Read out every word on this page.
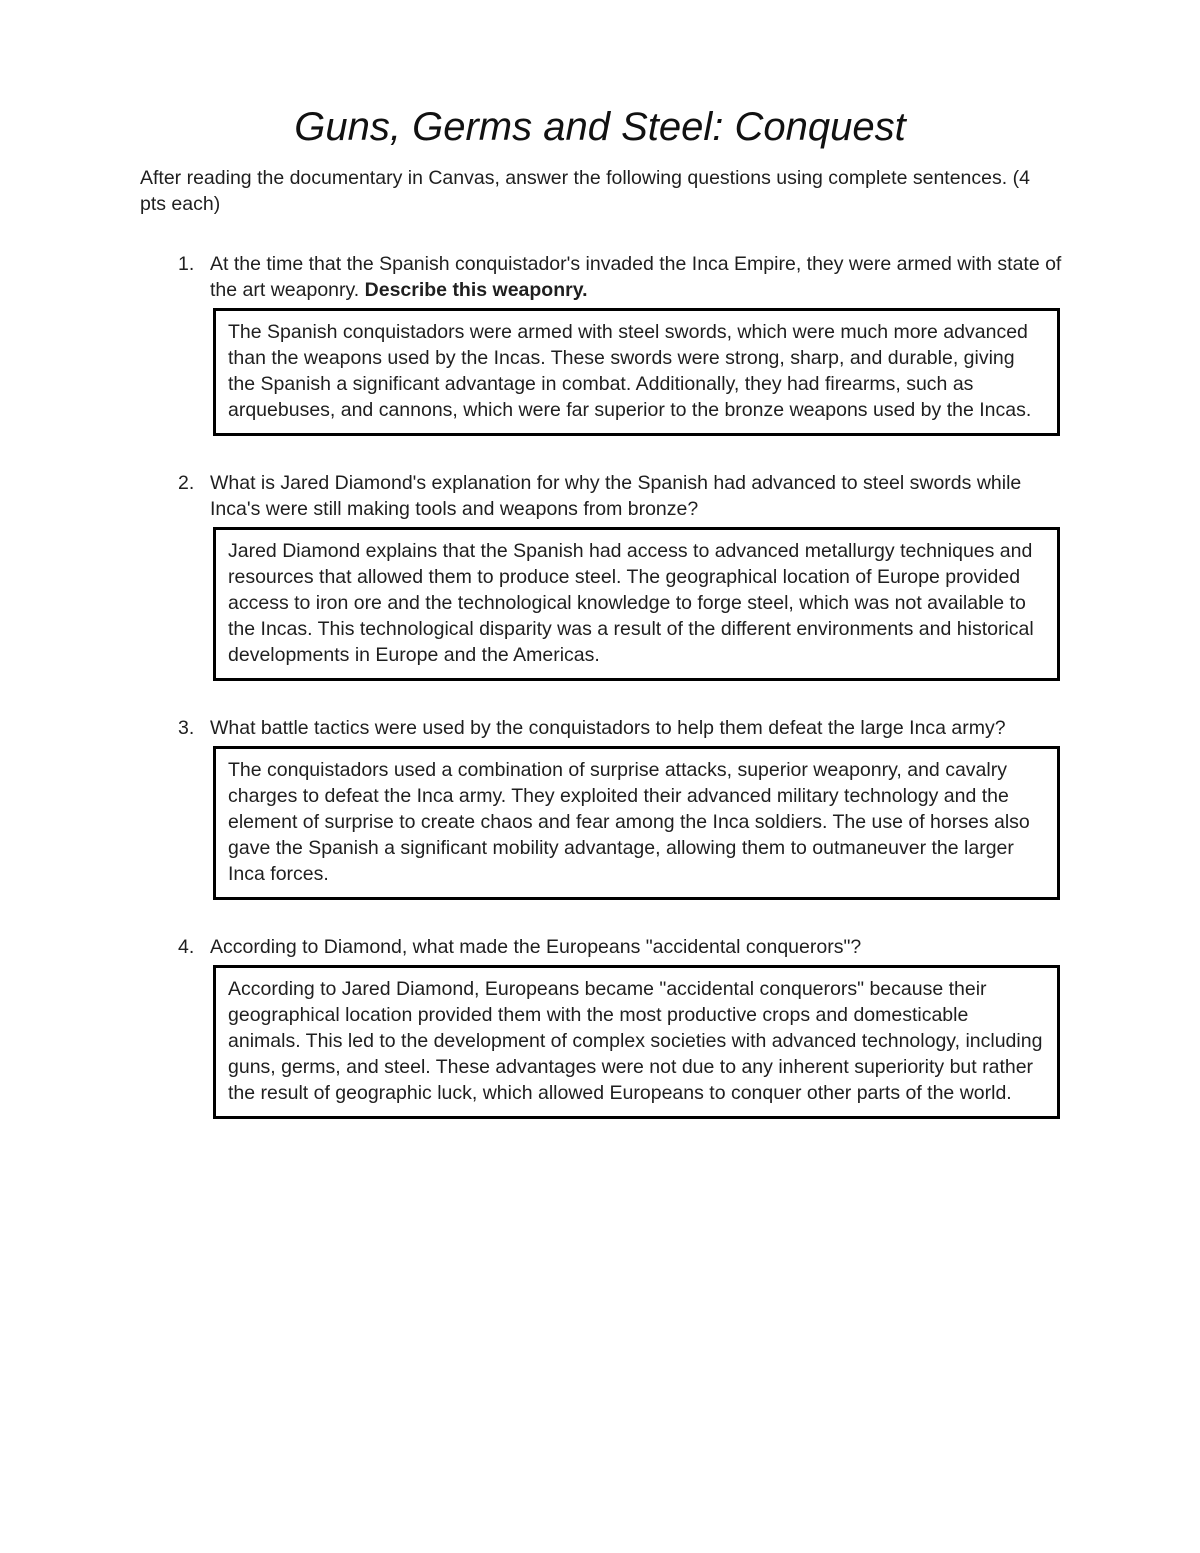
Guns, Germs and Steel: Conquest

After reading the documentary in Canvas, answer the following questions using complete sentences. (4 pts each)

1. At the time that the Spanish conquistador's invaded the Inca Empire, they were armed with state of the art weaponry. Describe this weaponry.
The Spanish conquistadors were armed with steel swords, which were much more advanced than the weapons used by the Incas. These swords were strong, sharp, and durable, giving the Spanish a significant advantage in combat. Additionally, they had firearms, such as arquebuses, and cannons, which were far superior to the bronze weapons used by the Incas.
2. What is Jared Diamond's explanation for why the Spanish had advanced to steel swords while Inca's were still making tools and weapons from bronze?
Jared Diamond explains that the Spanish had access to advanced metallurgy techniques and resources that allowed them to produce steel. The geographical location of Europe provided access to iron ore and the technological knowledge to forge steel, which was not available to the Incas. This technological disparity was a result of the different environments and historical developments in Europe and the Americas.
3. What battle tactics were used by the conquistadors to help them defeat the large Inca army?
The conquistadors used a combination of surprise attacks, superior weaponry, and cavalry charges to defeat the Inca army. They exploited their advanced military technology and the element of surprise to create chaos and fear among the Inca soldiers. The use of horses also gave the Spanish a significant mobility advantage, allowing them to outmaneuver the larger Inca forces.
4. According to Diamond, what made the Europeans "accidental conquerors"?
According to Jared Diamond, Europeans became "accidental conquerors" because their geographical location provided them with the most productive crops and domesticable animals. This led to the development of complex societies with advanced technology, including guns, germs, and steel. These advantages were not due to any inherent superiority but rather the result of geographic luck, which allowed Europeans to conquer other parts of the world.
